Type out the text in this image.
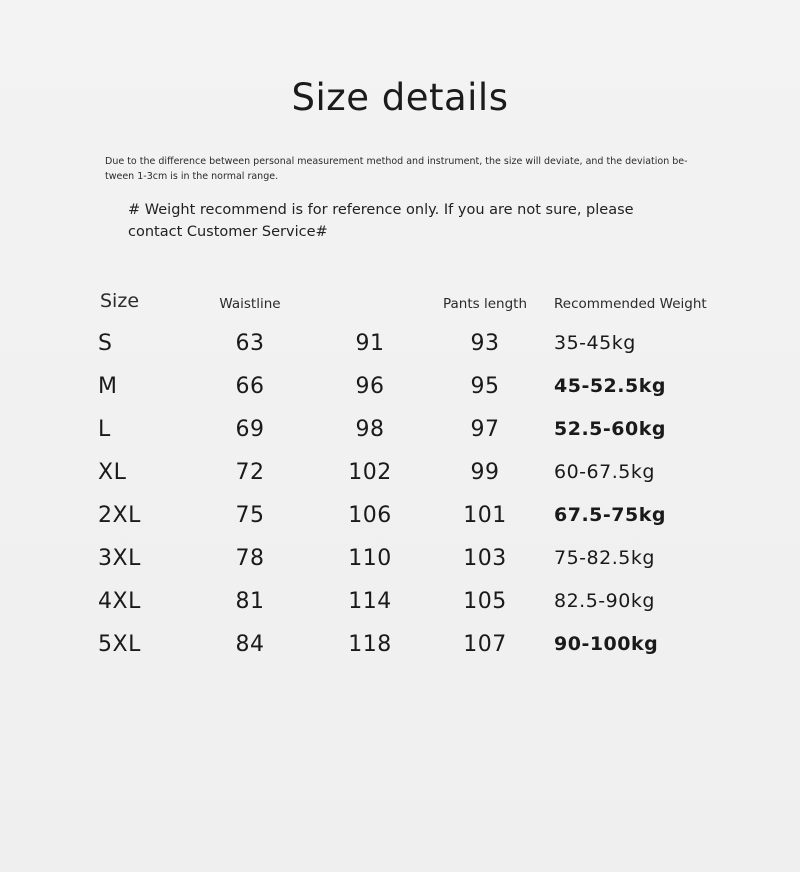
Size details

Due to the difference between personal measurement method and instrument, the size will deviate, and the deviation be-tween 1-3cm is in the normal range.

# Weight recommend is for reference only. If you are not sure, please contact Customer Service#

Size	Waistline		Pants length	Recommended Weight
S	63	91	93	35-45kg
M	66	96	95	45-52.5kg
L	69	98	97	52.5-60kg
XL	72	102	99	60-67.5kg
2XL	75	106	101	67.5-75kg
3XL	78	110	103	75-82.5kg
4XL	81	114	105	82.5-90kg
5XL	84	118	107	90-100kg
